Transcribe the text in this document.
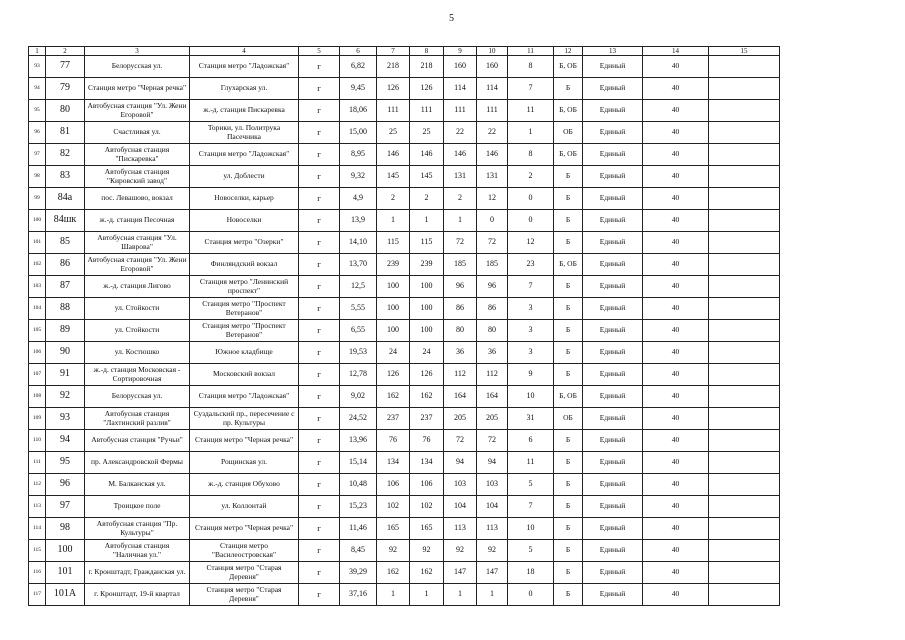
5
1	2	3	4	5	6	7	8	9	10	11	12	13	14	15
93	77	Белорусская ул.	Станция метро "Ладожская"	г	6,82	218	218	160	160	8	Б, ОБ	Единый	40	
94	79	Станция метро "Черная речка"	Глухарская ул.	г	9,45	126	126	114	114	7	Б	Единый	40	
95	80	Автобусная станция "Ул. Жени Егоровой"	ж.-д. станция Пискаревка	г	18,06	111	111	111	111	11	Б, ОБ	Единый	40	
96	81	Счастливая ул.	Торики, ул. Политрука Пасечника	г	15,00	25	25	22	22	1	ОБ	Единый	40	
97	82	Автобусная станция "Пискаревка"	Станция метро "Ладожская"	г	8,95	146	146	146	146	8	Б, ОБ	Единый	40	
98	83	Автобусная станция "Кировский завод"	ул. Доблести	г	9,32	145	145	131	131	2	Б	Единый	40	
99	84а	пос. Левашово, вокзал	Новоселки, карьер	г	4,9	2	2	2	12	0	Б	Единый	40	
100	84шк	ж.-д. станция Песочная	Новоселки	г	13,9	1	1	1	0	0	Б	Единый	40	
101	85	Автобусная станция "Ул. Шаврова"	Станция метро "Озерки"	г	14,10	115	115	72	72	12	Б	Единый	40	
102	86	Автобусная станция "Ул. Жени Егоровой"	Финляндский вокзал	г	13,70	239	239	185	185	23	Б, ОБ	Единый	40	
103	87	ж.-д. станция Лигово	Станция метро "Ленинский проспект"	г	12,5	100	100	96	96	7	Б	Единый	40	
104	88	ул. Стойкости	Станция метро "Проспект Ветеранов"	г	5,55	100	100	86	86	3	Б	Единый	40	
105	89	ул. Стойкости	Станция метро "Проспект Ветеранов"	г	6,55	100	100	80	80	3	Б	Единый	40	
106	90	ул. Костюшко	Южное кладбище	г	19,53	24	24	36	36	3	Б	Единый	40	
107	91	ж.-д. станция Московская - Сортировочная	Московский вокзал	г	12,78	126	126	112	112	9	Б	Единый	40	
108	92	Белорусская ул.	Станция метро "Ладожская"	г	9,02	162	162	164	164	10	Б, ОБ	Единый	40	
109	93	Автобусная станция "Лахтинский разлив"	Суздальский пр., пересечение с пр. Культуры	г	24,52	237	237	205	205	31	ОБ	Единый	40	
110	94	Автобусная станция "Ручьи"	Станция метро "Черная речка"	г	13,96	76	76	72	72	6	Б	Единый	40	
111	95	пр. Александровской Фермы	Рощинская ул.	г	15,14	134	134	94	94	11	Б	Единый	40	
112	96	М. Балканская ул.	ж.-д. станция Обухово	г	10,48	106	106	103	103	5	Б	Единый	40	
113	97	Троицкое поле	ул. Коллонтай	г	15,23	102	102	104	104	7	Б	Единый	40	
114	98	Автобусная станция "Пр. Культуры"	Станция метро "Черная речка"	г	11,46	165	165	113	113	10	Б	Единый	40	
115	100	Автобусная станция "Наличная ул."	Станция метро "Василеостровская"	г	8,45	92	92	92	92	5	Б	Единый	40	
116	101	г. Кронштадт, Гражданская ул.	Станция метро "Старая Деревня"	г	39,29	162	162	147	147	18	Б	Единый	40	
117	101А	г. Кронштадт, 19-й квартал	Станция метро "Старая Деревня"	г	37,16	1	1	1	1	0	Б	Единый	40	
